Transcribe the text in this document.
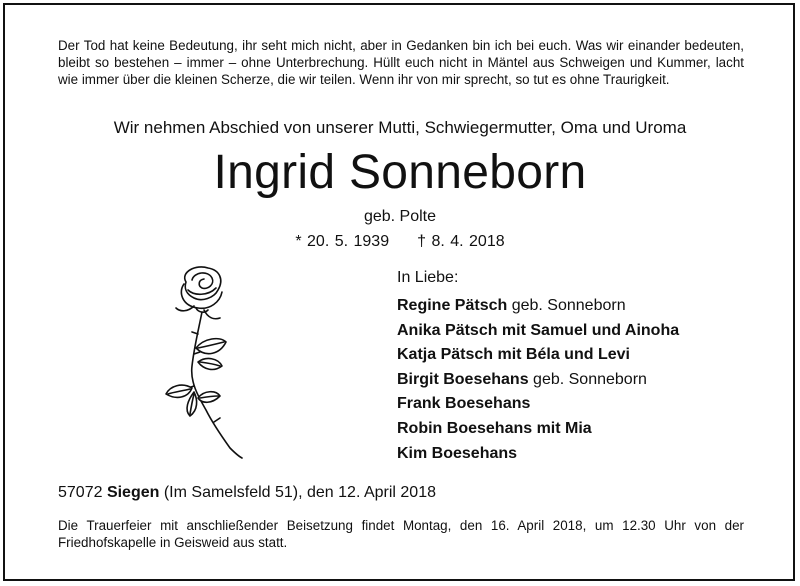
Der Tod hat keine Bedeutung, ihr seht mich nicht, aber in Gedanken bin ich bei euch. Was wir einander bedeuten, bleibt so bestehen – immer – ohne Unterbrechung. Hüllt euch nicht in Mäntel aus Schweigen und Kummer, lacht wie immer über die kleinen Scherze, die wir teilen. Wenn ihr von mir sprecht, so tut es ohne Traurigkeit.
Wir nehmen Abschied von unserer Mutti, Schwiegermutter, Oma und Uroma
Ingrid Sonneborn
geb. Polte
* 20. 5. 1939 † 8. 4. 2018
In Liebe:
Regine Pätsch geb. Sonneborn
Anika Pätsch mit Samuel und Ainoha
Katja Pätsch mit Béla und Levi
Birgit Boesehans geb. Sonneborn
Frank Boesehans
Robin Boesehans mit Mia
Kim Boesehans
57072 Siegen (Im Samelsfeld 51), den 12. April 2018
Die Trauerfeier mit anschließender Beisetzung findet Montag, den 16. April 2018, um 12.30 Uhr von der Friedhofskapelle in Geisweid aus statt.
